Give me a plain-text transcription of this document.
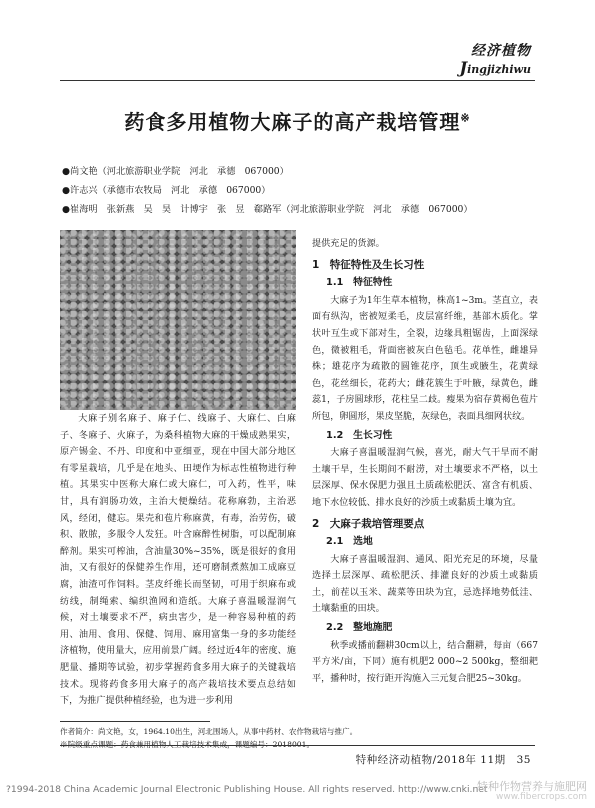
经济植物
Jingjizhiwu
药食多用植物大麻子的高产栽培管理※
●尚文艳（河北旅游职业学院　河北　承德　067000）
●许志兴（承德市农牧局　河北　承德　067000）
●崔海明　张新燕　吴　昊　计博宇　张　昱　郗路军（河北旅游职业学院　河北　承德　067000）

大麻子别名麻子、麻子仁、线麻子、大麻仁、白麻子、冬麻子、火麻子，为桑科植物大麻的干燥成熟果实，原产锡金、不丹、印度和中亚细亚，现在中国大部分地区有零星栽培，几乎是在地头、田埂作为标志性植物进行种植。其果实中医称大麻仁或大麻仁，可入药，性平，味甘，具有润肠功效，主治大便燥结。花称麻勃，主治恶风，经闭，健忘。果壳和苞片称麻黄，有毒，治劳伤，破积、散脓，多服令人发狂。叶含麻醉性树脂，可以配制麻醉剂。果实可榨油，含油量30%~35%，既是很好的食用油，又有很好的保健养生作用，还可磨制煮熬加工成麻豆腐，油渣可作饲料。茎皮纤维长而坚韧，可用于织麻布或纺线，制绳索、编织渔网和造纸。大麻子喜温暖湿润气候，对土壤要求不严，病虫害少，是一种容易种植的药用、油用、食用、保健、饲用、麻用富集一身的多功能经济植物，使用量大，应用前景广阔。经过近4年的密度、施肥量、播期等试验，初步掌握药食多用大麻子的关键栽培技术。现将药食多用大麻子的高产栽培技术要点总结如下，为推广提供种植经验，也为进一步利用

提供充足的货源。

1　特征特性及生长习性
1.1　特征特性

大麻子为1年生草本植物，株高1~3m。茎直立，表面有纵沟，密被短柔毛，皮层富纤维，基部木质化。掌状叶互生或下部对生，全裂，边缘具粗锯齿，上面深绿色，微被粗毛，背面密被灰白色毡毛。花单性，雌雄异株；雄花序为疏散的圆锥花序，顶生或腋生，花黄绿色，花丝细长，花药大；雌花簇生于叶腋，绿黄色，雌蕊1，子房圆球形，花柱呈二歧。瘦果为宿存黄褐色苞片所包，卵圆形，果皮坚脆，灰绿色，表面具细网状纹。

1.2　生长习性

大麻子喜温暖湿润气候，喜光，耐大气干旱而不耐土壤干旱，生长期间不耐涝，对土壤要求不严格，以土层深厚、保水保肥力强且土质疏松肥沃、富含有机质、地下水位较低、排水良好的沙质土或黏质土壤为宜。

2　大麻子栽培管理要点
2.1　选地

大麻子喜温暖湿润、通风、阳光充足的环境，尽量选择土层深厚、疏松肥沃、排灌良好的沙质土或黏质土，前茬以玉米、蔬菜等田块为宜，忌选择地势低洼、土壤黏重的田块。

2.2　整地施肥

秋季或播前翻耕30cm以上，结合翻耕，每亩（667平方米/亩，下同）施有机肥2 000~2 500kg，整细耙平，播种时，按行距开沟施入三元复合肥25~30kg。

作者简介：尚文艳，女，1964.10出生，河北围场人，从事中药材、农作物栽培与推广。
※院级重点课题：药食兼用植物人工栽培技术集成，课题编号：2018001。
特种经济动植物/2018年 11期　35
?1994-2018 China Academic Journal Electronic Publishing House. All rights reserved. http://www.cnki.net
特种作物营养与施肥网
www.fibercrops.com
